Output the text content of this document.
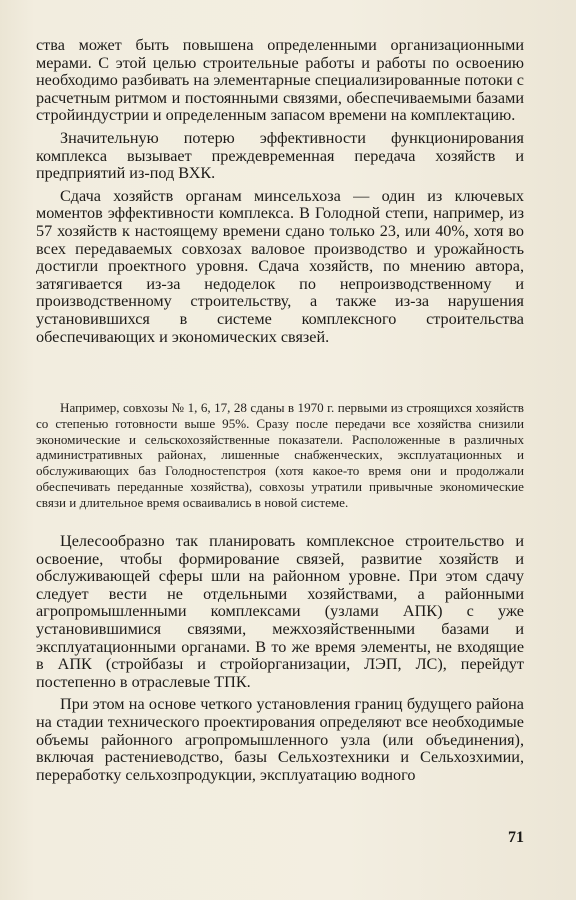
ства может быть повышена определенными организационными мерами. С этой целью строительные работы и работы по освоению необходимо разбивать на элементарные специализированные потоки с расчетным ритмом и постоянными связями, обеспечиваемыми базами стройиндустрии и определенным запасом времени на комплектацию.

Значительную потерю эффективности функционирования комплекса вызывает преждевременная передача хозяйств и предприятий из-под ВХК.

Сдача хозяйств органам минсельхоза — один из ключевых моментов эффективности комплекса. В Голодной степи, например, из 57 хозяйств к настоящему времени сдано только 23, или 40%, хотя во всех передаваемых совхозах валовое производство и урожайность достигли проектного уровня. Сдача хозяйств, по мнению автора, затягивается из-за недоделок по непроизводственному и производственному строительству, а также из-за нарушения установившихся в системе комплексного строительства обеспечивающих и экономических связей.

Например, совхозы № 1, 6, 17, 28 сданы в 1970 г. первыми из строящихся хозяйств со степенью готовности выше 95%. Сразу после передачи все хозяйства снизили экономические и сельскохозяйственные показатели. Расположенные в различных административных районах, лишенные снабженческих, эксплуатационных и обслуживающих баз Голодностепстроя (хотя какое-то время они и продолжали обеспечивать переданные хозяйства), совхозы утратили привычные экономические связи и длительное время осваивались в новой системе.

Целесообразно так планировать комплексное строительство и освоение, чтобы формирование связей, развитие хозяйств и обслуживающей сферы шли на районном уровне. При этом сдачу следует вести не отдельными хозяйствами, а районными агропромышленными комплексами (узлами АПК) с уже установившимися связями, межхозяйственными базами и эксплуатационными органами. В то же время элементы, не входящие в АПК (стройбазы и стройорганизации, ЛЭП, ЛС), перейдут постепенно в отраслевые ТПК.

При этом на основе четкого установления границ будущего района на стадии технического проектирования определяют все необходимые объемы районного агропромышленного узла (или объединения), включая растениеводство, базы Сельхозтехники и Сельхозхимии, переработку сельхозпродукции, эксплуатацию водного

71
